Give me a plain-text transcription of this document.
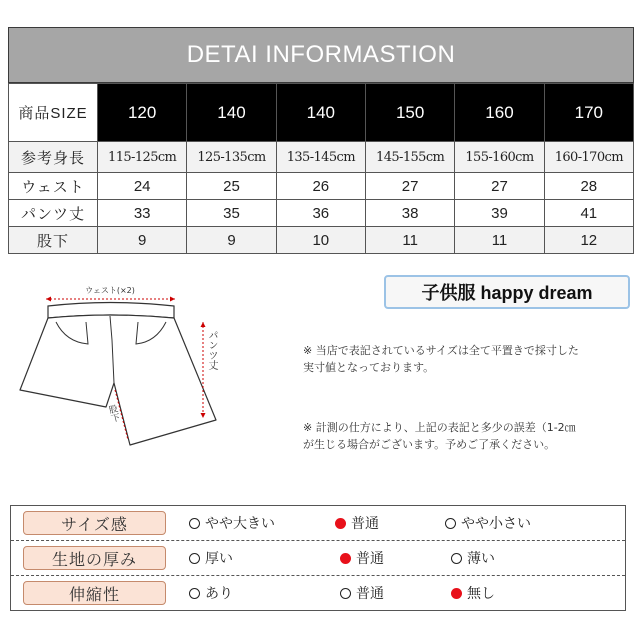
DETAI INFORMASTION
商品SIZE	120	140	140	150	160	170
参考身長	115-125cm	125-135cm	135-145cm	145-155cm	155-160cm	160-170cm
ウェスト	24	25	26	27	27	28
パンツ丈	33	35	36	38	39	41
股下	9	9	10	11	11	12
ウェスト(×2)
パンツ丈
股下
子供服 happy dream
※ 当店で表記されているサイズは全て平置きで採寸した
実寸値となっております。
※ 計測の仕方により、上記の表記と多少の誤差（1-2㎝
が生じる場合がございます。予めご了承ください。
サイズ感	やや大きい	普通	やや小さい
生地の厚み	厚い	普通	薄い
伸縮性	あり	普通	無し
